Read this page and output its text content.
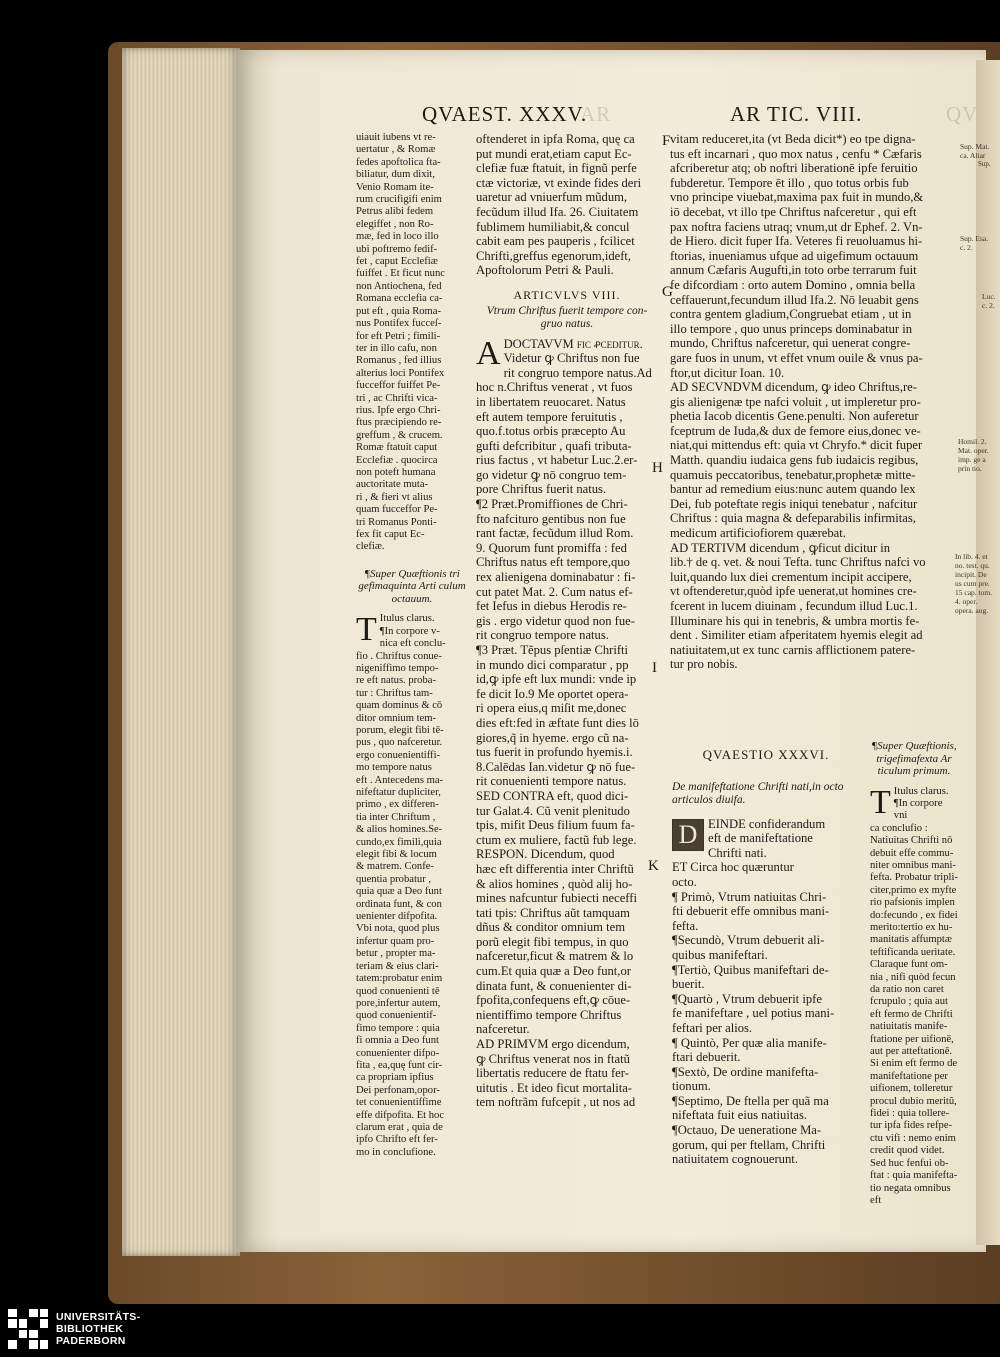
Sup.
QVAEST. XXXV.
AR	AR TIC. VIII.	QV
F
G
H
I
K
Sup. Mat. ca. Aliar
Sup. Esa. c. 2.
Luc. c. 2.
Homil. 2. Mat. oper. imp. ge a prin tio.
In lib. 4. et no. test. qu. incipit. De us cum pre. 15 cap. tom. 4. oper. opera. aug.

uiauit iubens vt re-

uertatur , & Romæ

fedes apoftolica fta-

biliatur, dum dixit,

Venio Romam ite-

rum crucifigifi enim

Petrus alibi fedem

elegiffet , non Ro-

mæ, fed in loco illo

ubi poftremo fedif-

fet , caput Ecclefiæ

fuiffet . Et ficut nunc

non Antiochena, fed

Romana ecclefia ca-

put eft , quia Roma-

nus Pontifex fucceſ-

for eft Petri ; fimili-

ter in illo cafu, non

Romanus , fed illius

alterius loci Pontifex

fucceffor fuiffet Pe-

tri , ac Chrifti vica-

rius. Ipfe ergo Chri-

ftus præcipiendo re-

greffum , & crucem.

Romæ ftatuit caput

Ecclefiæ . quocirca

non poteft humana

auctoritate muta-

ri , & fieri vt alius

quam fucceffor Pe-

tri Romanus Ponti-

fex fit caput Ec-

clefiæ.

¶Super Quæftionis tri gefimaquinta Arti culum octauum.
T Itulus clarus.

¶In corpore v-

nica eft conclu-

fio . Chriftus conue-

nigeniffimo tempo-

re eft natus. proba-

tur : Chriftus tam-

quam dominus & cō

ditor omnium tem-

porum, elegit fibi tē-

pus , quo nafceretur.

ergo conuenientiffi-

mo tempore natus

eft . Antecedens ma-

nifeftatur dupliciter,

primo , ex differen-

tia inter Chriftum ,

& alios homines.Se-

cundo,ex fimili,quia

elegit fibi & locum

& matrem. Confe-

quentia probatur ,

quia quæ a Deo funt

ordinata funt, & con

uenienter difpofita.

Vbi nota, quod plus

infertur quam pro-

betur , propter ma-

teriam & eius clari-

tatem:probatur enim

quod conuenienti tē

pore,infertur autem,

quod conuenientif-

fimo tempore : quia

fi omnia a Deo funt

conuenienter difpo-

fita , ea,quę funt cir-

ca propriam ipfius

Dei perfonam,opor-

tet conuenientiffime

effe difpofita. Et hoc

clarum erat , quia de

ipfo Chrifto eft fer-

mo in conclufione.

oftenderet in ipfa Roma, quę ca

put mundi erat,etiam caput Ec-

clefiæ fuæ ftatuit, in fignũ perfe

ctæ victoriæ, vt exinde fides deri

uaretur ad vniuerfum mũdum,

fecũdum illud Ifa. 26. Ciuitatem

fublimem humiliabit,& concul

cabit eam pes pauperis , fcilicet

Chrifti,greffus egenorum,ideft,

Apoftolorum Petri & Pauli.

ARTICVLVS VIII.
Vtrum Chriftus fuerit tempore con- gruo natus.
A DOCTAVVM fic ꝓceditur.

Videtur ꝙ Chriftus non fue

rit congruo tempore natus.Ad

hoc n.Chriftus venerat , vt fuos

in libertatem reuocaret. Natus

eft autem tempore feruitutis ,

quo.f.totus orbis præcepto Au

gufti defcribitur , quafi tributa-

rius factus , vt habetur Luc.2.er-

go videtur ꝙ nō congruo tem-

pore Chriftus fuerit natus.

¶2 Præt.Promiffiones de Chri-

fto nafcituro gentibus non fue

rant factæ, fecũdum illud Rom.

9. Quorum funt promiffa : fed

Chriftus natus eft tempore,quo

rex alienigena dominabatur : fi-

cut patet Mat. 2. Cum natus ef-

fet Iefus in diebus Herodis re-

gis . ergo videtur quod non fue-

rit congruo tempore natus.

¶3 Præt. Tẽpus pſentiæ Chrifti

in mundo dici comparatur , pp

id,ꝙ ipfe eft lux mundi: vnde ip

fe dicit Io.9 Me oportet opera-

ri opera eius,q miſit me,donec

dies eft:fed in æftate funt dies lō

giores,q̃ in hyeme. ergo cũ na-

tus fuerit in profundo hyemis.i.

8.Calēdas Ian.videtur ꝙ nō fue-

rit conuenienti tempore natus.

SED CONTRA eft, quod dici-

tur Galat.4. Cũ venit plenitudo

tpis, mifit Deus filium fuum fa-

ctum ex muliere, factũ fub lege.

RESPON. Dicendum, quod

hæc eft differentia inter Chriftũ

& alios homines , quòd alij ho-

mines nafcuntur fubiecti neceffi

tati tpis: Chriftus aũt tamquam

dñus & conditor omnium tem

porũ elegit fibi tempus, in quo

nafceretur,ficut & matrem & lo

cum.Et quia quæ a Deo funt,or

dinata funt, & conuenienter di-

fpofita,confequens eft,ꝙ cōue-

nientiffimo tempore Chriftus

nafceretur.

AD PRIMVM ergo dicendum,

ꝙ Chriftus venerat nos in ftatũ

libertatis reducere de ftatu fer-

uitutis . Et ideo ficut mortalita-

tem noftrãm fufcepit , ut nos ad

vitam reduceret,ita (vt Beda dicit*) eo tpe digna-

tus eft incarnari , quo mox natus , cenfu * Cæfaris

afcriberetur atq; ob noftri liberationē ipfe feruitio

fubderetur. Tempore ēt illo , quo totus orbis fub

vno principe viuebat,maxima pax fuit in mundo,&

iō decebat, vt illo tpe Chriftus nafceretur , qui eft

pax noftra faciens utraq; vnum,ut dr Ephef. 2. Vn-

de Hiero. dicit fuper Ifa. Veteres fi reuoluamus hi-

ftorias, inueniamus ufque ad uigefimum octauum

annum Cæfaris Augufti,in toto orbe terrarum fuit

fe difcordiam : orto autem Domino , omnia bella

ceffauerunt,fecundum illud Ifa.2. Nō leuabit gens

contra gentem gladium,Congruebat etiam , ut in

illo tempore , quo unus princeps dominabatur in

mundo, Chriftus nafceretur, qui uenerat congre-

gare fuos in unum, vt effet vnum ouile & vnus pa-

ftor,ut dicitur Ioan. 10.

AD SECVNDVM dicendum, ꝙ ideo Chriftus,re-

gis alienigenæ tpe nafci voluit , ut impleretur pro-

phetia Iacob dicentis Gene.penulti. Non auferetur

fceptrum de Iuda,& dux de femore eius,donec ve-

niat,qui mittendus eft: quia vt Chryfo.* dicit fuper

Matth. quandiu iudaica gens fub iudaicis regibus,

quamuis peccatoribus, tenebatur,prophetæ mitte-

bantur ad remedium eius:nunc autem quando lex

Dei, fub poteftate regis iniqui tenebatur , nafcitur

Chriftus : quia magna & defeparabilis infirmitas,

medicum artificiofiorem quærebat.

AD TERTIVM dicendum , ꝙficut dicitur in

lib.† de q. vet. & noui Tefta. tunc Chriftus nafci vo

luit,quando lux diei crementum incipit accipere,

vt oftenderetur,quòd ipfe uenerat,ut homines cre-

fcerent in lucem diuinam , fecundum illud Luc.1.

Illuminare his qui in tenebris, & umbra mortis fe-

dent . Similiter etiam afperitatem hyemis elegit ad

natiuitatem,ut ex tunc carnis afflictionem patere-

tur pro nobis.

QVAESTIO XXXVI.
De manifeftatione Chrifti nati,in octo articulos diuifa.
D EINDE confiderandum

eft de manifeftatione

Chrifti nati.

ET Circa hoc quæruntur

octo.

¶ Primò, Vtrum natiuitas Chri-

fti debuerit effe omnibus mani-

fefta.

¶Secundò, Vtrum debuerit ali-

quibus manifeftari.

¶Tertiò, Quibus manifeftari de-

buerit.

¶Quartò , Vtrum debuerit ipfe

fe manifeftare , uel potius mani-

feftari per alios.

¶ Quintò, Per quæ alia manife-

ftari debuerit.

¶Sextò, De ordine manifefta-

tionum.

¶Septimo, De ftella per quã ma

nifeftata fuit eius natiuitas.

¶Octauo, De ueneratione Ma-

gorum, qui per ftellam, Chrifti

natiuitatem cognouerunt.

¶Super Quæftionis, trigefimafexta Ar ticulum primum.
T Itulus clarus.

¶In corpore vni

ca conclufio :

Natiuitas Chrifti nō

debuit effe commu-

niter omnibus mani-

fefta. Probatur tripli-

citer,primo ex myfte

rio pafsionis implen

do:fecundo , ex fidei

merito:tertio ex hu-

manitatis affumptæ

teftificanda ueritate.

Claraque funt om-

nia , nifi quòd fecun

da ratio non caret

fcrupulo ; quia aut

eft fermo de Chrifti

natiuitatis manife-

ftatione per uifionē,

aut per atteftationē.

Si enim eft fermo de

manifeftatione per

uifionem, tolleretur

procul dubio meritũ,

fidei : quia tollere-

tur ipfa fides refpe-

ctu vifi : nemo enim

credit quod videt.

Sed huc fenfui ob-

ftat : quia manifefta-

tio negata omnibus

eft

UNIVERSITÄTS-
BIBLIOTHEK
PADERBORN
